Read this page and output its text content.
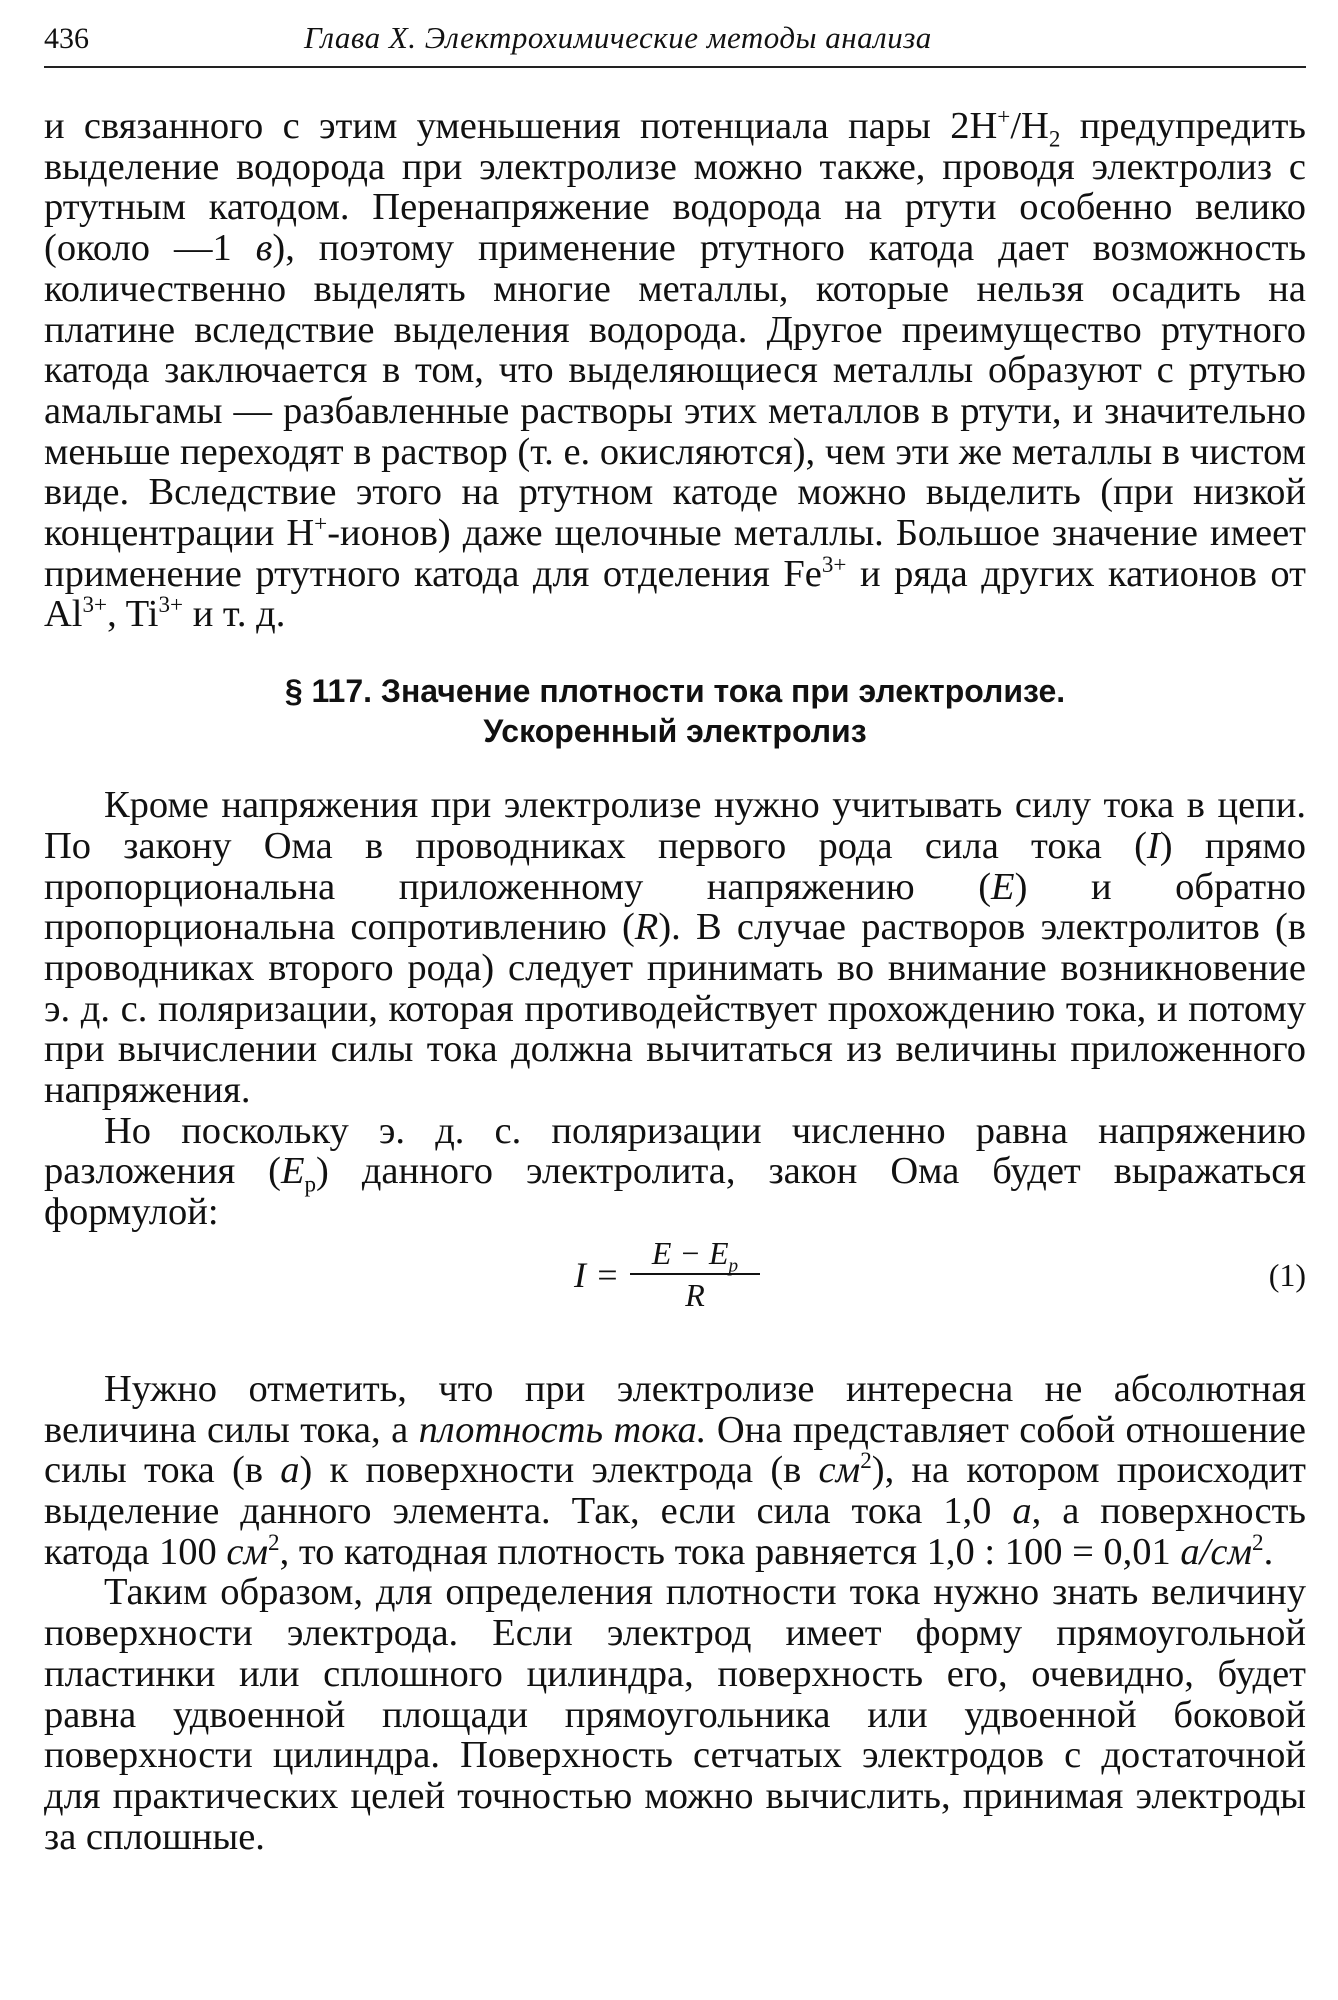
436	Глава X. Электрохимические методы анализа

и связанного с этим уменьшения потенциала пары $2H^+/H_2$ предупредить выделение водорода при электролизе можно также, проводя электролиз с ртутным катодом. Перенапряжение водорода на ртути особенно велико (около —1 в), поэтому применение ртутного катода дает возможность количественно выделять многие металлы, которые нельзя осадить на платине вследствие выделения водорода. Другое преимущество ртутного катода заключается в том, что выделяющиеся металлы образуют с ртутью амальгамы — разбавленные растворы этих металлов в ртути, и значительно меньше переходят в раствор (т. е. окисляются), чем эти же металлы в чистом виде. Вследствие этого на ртутном катоде можно выделить (при низкой концентрации H+-ионов) даже щелочные металлы. Большое значение имеет применение ртутного катода для отделения $Fe^{3+}$ и ряда других катионов от $Al^{3+}$, $Ti^{3+}$ и т. д.

§ 117. Значение плотности тока при электролизе.
Ускоренный электролиз

Кроме напряжения при электролизе нужно учитывать силу тока в цепи. По закону Ома в проводниках первого рода сила тока (I) прямо пропорциональна приложенному напряжению (E) и обратно пропорциональна сопротивлению (R). В случае растворов электролитов (в проводниках второго рода) следует принимать во внимание возникновение э. д. с. поляризации, которая противодействует прохождению тока, и потому при вычислении силы тока должна вычитаться из величины приложенного напряжения.

Но поскольку э. д. с. поляризации численно равна напряжению разложения $(E_p)$ данного электролита, закон Ома будет выражаться формулой:

I =
$E - E_p$
R
(1)

Нужно отметить, что при электролизе интересна не абсолютная величина силы тока, а плотность тока. Она представляет собой отношение силы тока (в а) к поверхности электрода (в $см^2$), на котором происходит выделение данного элемента. Так, если сила тока 1,0 а, а поверхность катода 100 $см^2$, то катодная плотность тока равняется 1,0 : 100 = 0,01 $а/см^2$.

Таким образом, для определения плотности тока нужно знать величину поверхности электрода. Если электрод имеет форму прямоугольной пластинки или сплошного цилиндра, поверхность его, очевидно, будет равна удвоенной площади прямоугольника или удвоенной боковой поверхности цилиндра. Поверхность сетчатых электродов с достаточной для практических целей точностью можно вычислить, принимая электроды за сплошные.
